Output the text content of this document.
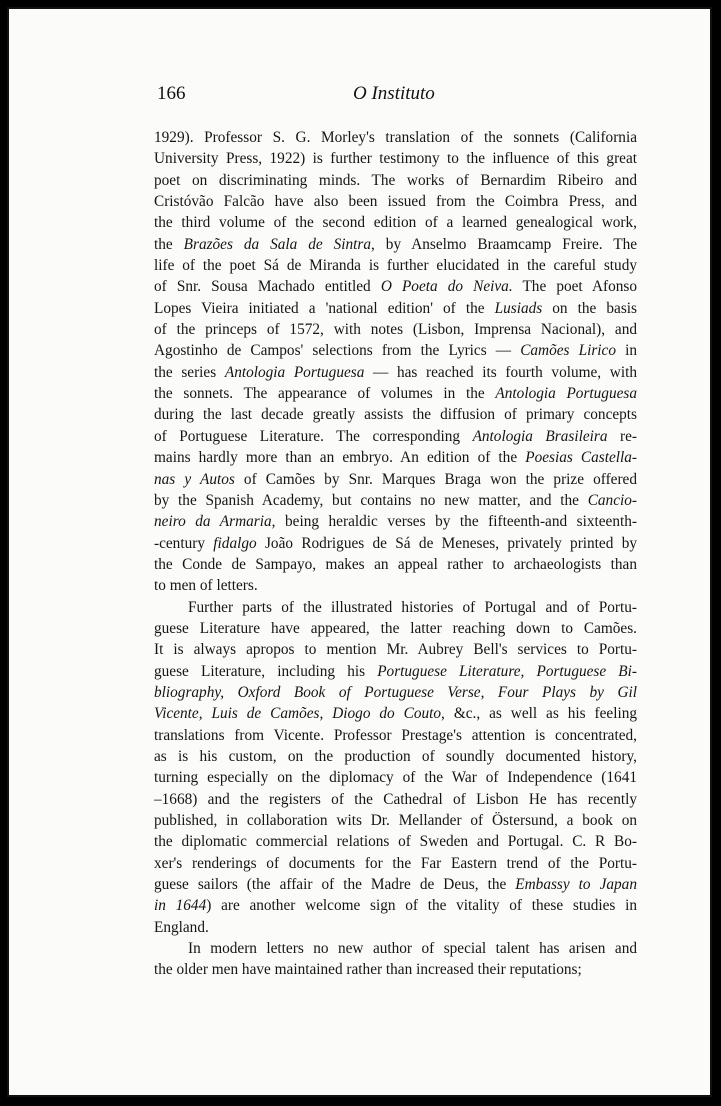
166	O Instituto
1929). Professor S. G. Morley's translation of the sonnets (California
University Press, 1922) is further testimony to the influence of this great
poet on discriminating minds. The works of Bernardim Ribeiro and
Cristóvão Falcão have also been issued from the Coimbra Press, and
the third volume of the second edition of a learned genealogical work,
the Brazões da Sala de Sintra, by Anselmo Braamcamp Freire. The
life of the poet Sá de Miranda is further elucidated in the careful study
of Snr. Sousa Machado entitled O Poeta do Neiva. The poet Afonso
Lopes Vieira initiated a 'national edition' of the Lusiads on the basis
of the princeps of 1572, with notes (Lisbon, Imprensa Nacional), and
Agostinho de Campos' selections from the Lyrics — Camões Lirico in
the series Antologia Portuguesa — has reached its fourth volume, with
the sonnets. The appearance of volumes in the Antologia Portuguesa
during the last decade greatly assists the diffusion of primary concepts
of Portuguese Literature. The corresponding Antologia Brasileira re-
mains hardly more than an embryo. An edition of the Poesias Castella-
nas y Autos of Camões by Snr. Marques Braga won the prize offered
by the Spanish Academy, but contains no new matter, and the Cancio-
neiro da Armaria, being heraldic verses by the fifteenth-and sixteenth-
-century fidalgo João Rodrigues de Sá de Meneses, privately printed by
the Conde de Sampayo, makes an appeal rather to archaeologists than
to men of letters.
Further parts of the illustrated histories of Portugal and of Portu-
guese Literature have appeared, the latter reaching down to Camões.
It is always apropos to mention Mr. Aubrey Bell's services to Portu-
guese Literature, including his Portuguese Literature, Portuguese Bi-
bliography, Oxford Book of Portuguese Verse, Four Plays by Gil
Vicente, Luis de Camões, Diogo do Couto, &c., as well as his feeling
translations from Vicente. Professor Prestage's attention is concentrated,
as is his custom, on the production of soundly documented history,
turning especially on the diplomacy of the War of Independence (1641
–1668) and the registers of the Cathedral of Lisbon He has recently
published, in collaboration wits Dr. Mellander of Östersund, a book on
the diplomatic commercial relations of Sweden and Portugal. C. R Bo-
xer's renderings of documents for the Far Eastern trend of the Portu-
guese sailors (the affair of the Madre de Deus, the Embassy to Japan
in 1644) are another welcome sign of the vitality of these studies in
England.
In modern letters no new author of special talent has arisen and
the older men have maintained rather than increased their reputations;
